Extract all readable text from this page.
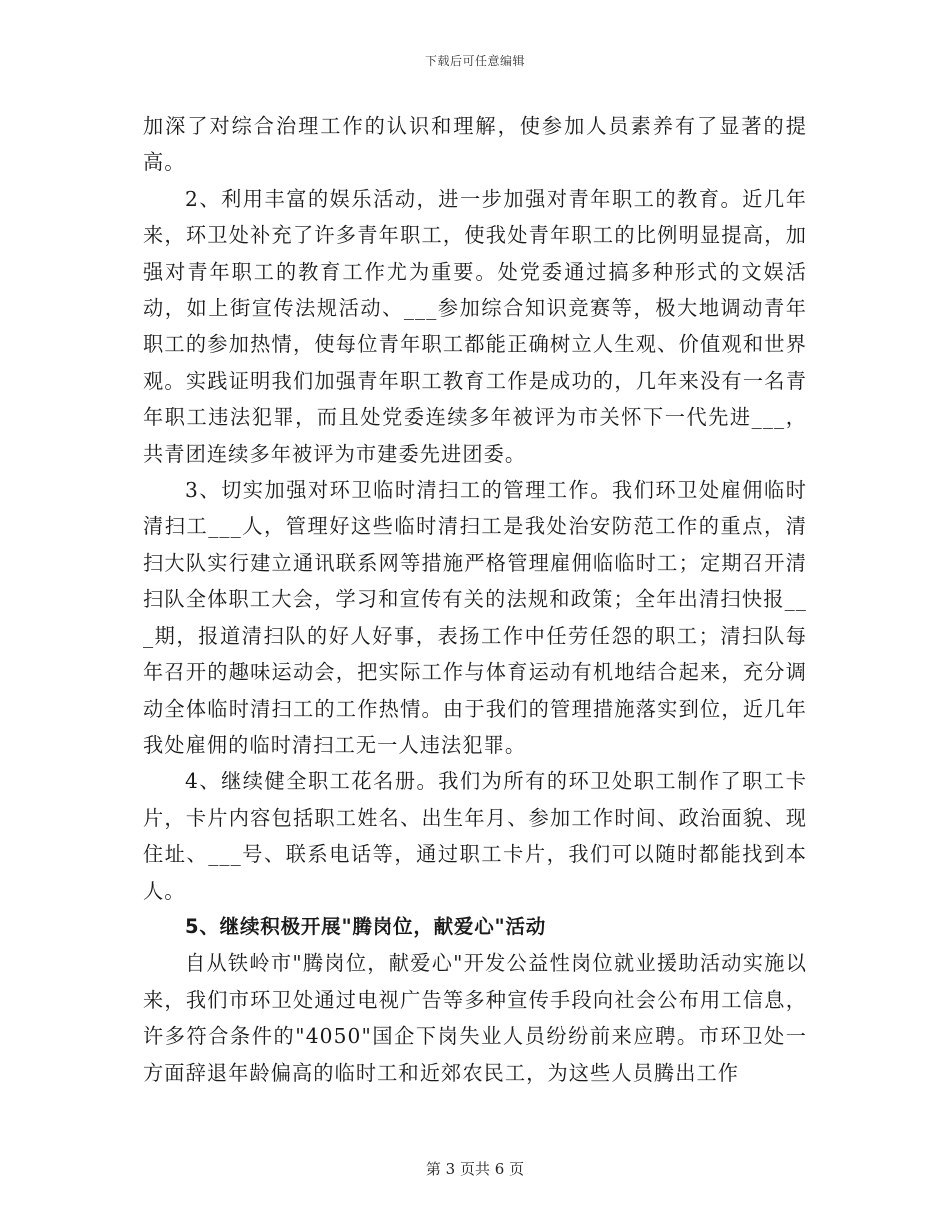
下载后可任意编辑

加深了对综合治理工作的认识和理解，使参加人员素养有了显著的提高。

2、利用丰富的娱乐活动，进一步加强对青年职工的教育。近几年来，环卫处补充了许多青年职工，使我处青年职工的比例明显提高，加强对青年职工的教育工作尤为重要。处党委通过搞多种形式的文娱活动，如上街宣传法规活动、___参加综合知识竞赛等，极大地调动青年职工的参加热情，使每位青年职工都能正确树立人生观、价值观和世界观。实践证明我们加强青年职工教育工作是成功的，几年来没有一名青年职工违法犯罪，而且处党委连续多年被评为市关怀下一代先进___，共青团连续多年被评为市建委先进团委。

3、切实加强对环卫临时清扫工的管理工作。我们环卫处雇佣临时清扫工___人，管理好这些临时清扫工是我处治安防范工作的重点，清扫大队实行建立通讯联系网等措施严格管理雇佣临临时工；定期召开清扫队全体职工大会，学习和宣传有关的法规和政策；全年出清扫快报___期，报道清扫队的好人好事，表扬工作中任劳任怨的职工；清扫队每年召开的趣味运动会，把实际工作与体育运动有机地结合起来，充分调动全体临时清扫工的工作热情。由于我们的管理措施落实到位，近几年我处雇佣的临时清扫工无一人违法犯罪。

4、继续健全职工花名册。我们为所有的环卫处职工制作了职工卡片，卡片内容包括职工姓名、出生年月、参加工作时间、政治面貌、现住址、___号、联系电话等，通过职工卡片，我们可以随时都能找到本人。

5、继续积极开展"腾岗位，献爱心"活动

自从铁岭市"腾岗位，献爱心"开发公益性岗位就业援助活动实施以来，我们市环卫处通过电视广告等多种宣传手段向社会公布用工信息，许多符合条件的"4050"国企下岗失业人员纷纷前来应聘。市环卫处一方面辞退年龄偏高的临时工和近郊农民工，为这些人员腾出工作

第 3 页共 6 页
